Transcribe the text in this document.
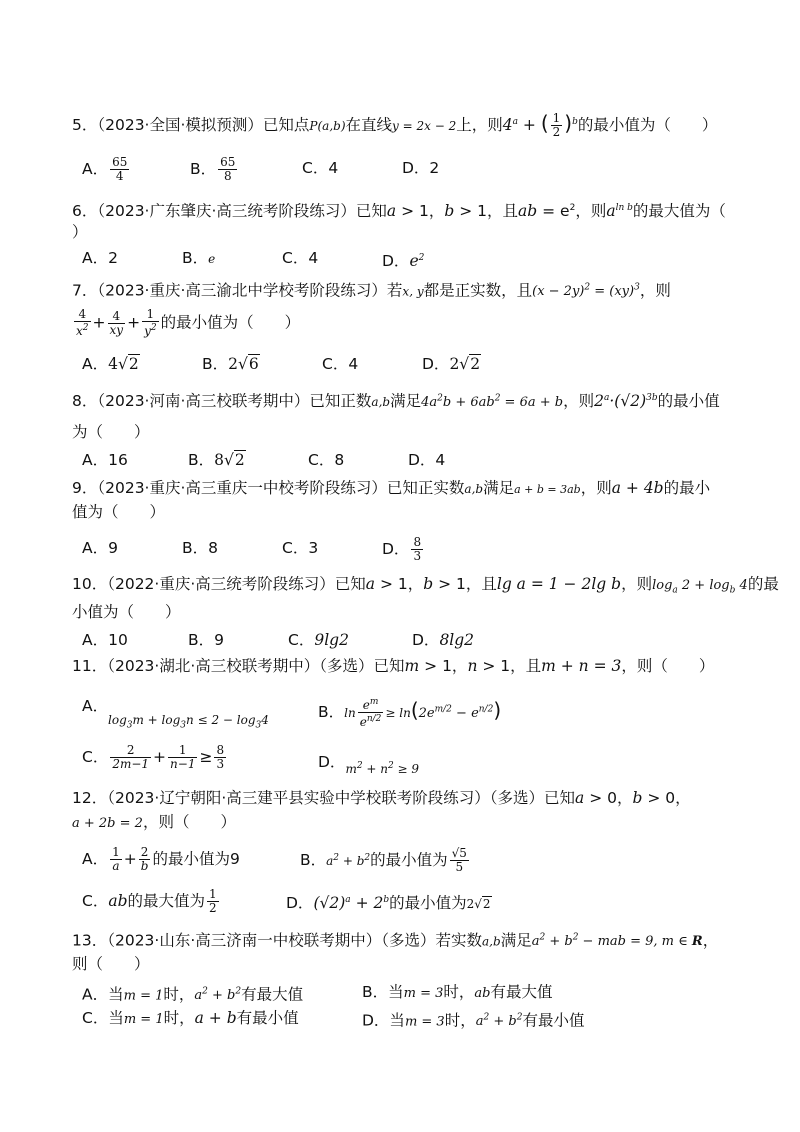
5．（2023·全国·模拟预测）已知点P(a,b)在直线y = 2x − 2上，则$4^a$ + ( $\frac{1}{2} )^b$的最小值为（　　）
A． $\frac{65}{4}$	B． $\frac{65}{8}$	C．4	D．2
6．（2023·广东肇庆·高三统考阶段练习）已知a > 1，b > 1，且ab = $e^2$，则$a^{ln b}$的最大值为（
）
A．2	B．e	C．4	D．$e^2$
7．（2023·重庆·高三渝北中学校考阶段练习）若x, y都是正实数，且$(x - 2y)^2 = (xy)^3$，则
$\frac{4}{x^2} + \frac{4}{xy} + \frac{1}{y^2}$ 的最小值为（　　）
A．4√2	B．2√6	C．4	D．2√2
8．（2023·河南·高三校联考期中）已知正数a,b满足$4a^2b + 6ab^2 = 6a + b$，则$2^a\cdot(√2)^{3b}$的最小值
为（　　）
A．16	B．8√2	C．8	D．4
9．（2023·重庆·高三重庆一中校考阶段练习）已知正实数a,b满足a + b = 3ab，则a + 4b的最小
值为（　　）
A．9	B．8	C．3	D． $\frac{8}{3}$
10．（2022·重庆·高三统考阶段练习）已知a > 1，b > 1，且lg a = 1 − 2lg b，则$\log_a 2 + \log_b 4$的最
小值为（　　）
A．10	B．9	C．9lg2	D．8lg2
11．（2023·湖北·高三校联考期中）（多选）已知m > 1，n > 1，且m + n = 3，则（　　）
A．
$\log_3m + \log_3n \le 2 - \log_34$	B．$\ln \frac{e^m}{e^{n/2}} \ge \ln(2e^{m/2} - e^{n/2})$
C． $\frac{2}{2m-1} + \frac{1}{n-1} \ge \frac{8}{3}$	D．$_{m^2 + n^2 \ge 9}$
12．（2023·辽宁朝阳·高三建平县实验中学校联考阶段练习）（多选）已知a > 0，b > 0，
a + 2b = 2，则（　　）
A． $\frac{1}{a} + \frac{2}{b}$ 的最小值为9	B．$a^2 + b^2$的最小值为 $\frac{√5}{5}$
C．ab的最大值为 $\frac{1}{2}$	D．$(√2)^a + 2^b$的最小值为2√2
13．（2023·山东·高三济南一中校联考期中）（多选）若实数a,b满足$a^2 + b^2$ − mab = 9, m ∈ R，
则（　　）
A．当m = 1时，$a^2 + b^2$有最大值	B．当m = 3时，ab有最大值
C．当m = 1时，a + b有最小值	D．当m = 3时，$a^2 + b^2$有最小值
